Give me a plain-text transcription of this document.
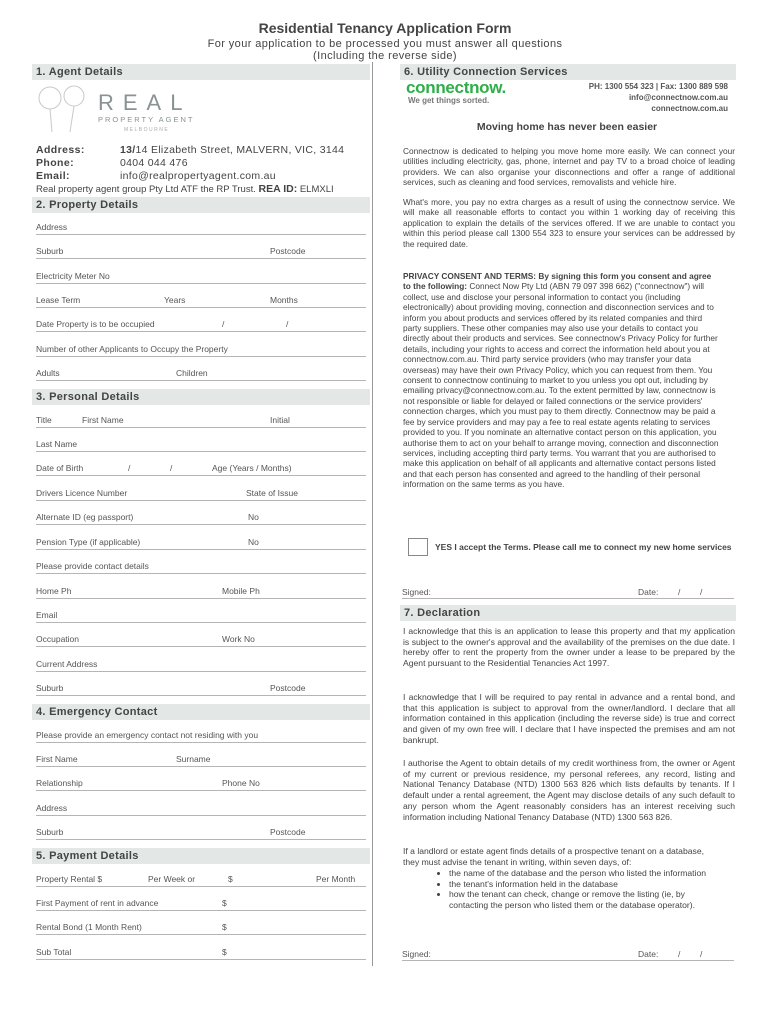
Residential Tenancy Application Form
For your application to be processed you must answer all questions
(Including the reverse side)
1. Agent Details
REAL
PROPERTY AGENT
MELBOURNE
Address:	13/14 Elizabeth Street, MALVERN, VIC, 3144
Phone:	0404 044 476
Email:	info@realpropertyagent.com.au
Real property agent group Pty Ltd ATF the RP Trust. REA ID: ELMXLI
2. Property Details
Address
Suburb	Postcode
Electricity Meter No
Lease Term	Years	Months
Date Property is to be occupied	/	/
Number of other Applicants to Occupy the Property
Adults	Children
3. Personal Details
Title	First Name	Initial
Last Name
Date of Birth	/	/	Age (Years / Months)
Drivers Licence Number	State of Issue
Alternate ID (eg passport)	No
Pension Type (if applicable)	No
Please provide contact details
Home Ph	Mobile Ph
Email
Occupation	Work No
Current Address
Suburb	Postcode
4. Emergency Contact
Please provide an emergency contact not residing with you
First Name	Surname
Relationship	Phone No
Address
Suburb	Postcode
5. Payment Details
Property Rental $	Per Week or	$	Per Month
First Payment of rent in advance	$
Rental Bond (1 Month Rent)	$
Sub Total	$
6. Utility Connection Services
connectnow.
We get things sorted.
PH: 1300 554 323 | Fax: 1300 889 598
info@connectnow.com.au
connectnow.com.au
Moving home has never been easier
Connectnow is dedicated to helping you move home more easily. We can connect your utilities including electricity, gas, phone, internet and pay TV to a broad choice of leading providers. We can also organise your disconnections and offer a range of additional services, such as cleaning and food services, removalists and vehicle hire.
What's more, you pay no extra charges as a result of using the connectnow service. We will make all reasonable efforts to contact you within 1 working day of receiving this application to explain the details of the services offered. If we are unable to contact you within this period please call 1300 554 323 to ensure your services can be addressed by the required date.
PRIVACY CONSENT AND TERMS: By signing this form you consent and agree to the following: Connect Now Pty Ltd (ABN 79 097 398 662) ("connectnow") will collect, use and disclose your personal information to contact you (including electronically) about providing moving, connection and disconnection services and to inform you about products and services offered by its related companies and third party suppliers. These other companies may also use your details to contact you directly about their products and services. See connectnow's Privacy Policy for further details, including your rights to access and correct the information held about you at connectnow.com.au. Third party service providers (who may transfer your data overseas) may have their own Privacy Policy, which you can request from them. You consent to connectnow continuing to market to you unless you opt out, including by emailing privacy@connectnow.com.au. To the extent permitted by law, connectnow is not responsible or liable for delayed or failed connections or the service providers' connection charges, which you must pay to them directly. Connectnow may be paid a fee by service providers and may pay a fee to real estate agents relating to services provided to you. If you nominate an alternative contact person on this application, you authorise them to act on your behalf to arrange moving, connection and disconnection services, including accepting third party terms. You warrant that you are authorised to make this application on behalf of all applicants and alternative contact persons listed and that each person has consented and agreed to the handling of their personal information on the same terms as you have.
YES I accept the Terms. Please call me to connect my new home services
Signed:	Date: / /
7. Declaration
I acknowledge that this is an application to lease this property and that my application is subject to the owner's approval and the availability of the premises on the due date. I hereby offer to rent the property from the owner under a lease to be prepared by the Agent pursuant to the Residential Tenancies Act 1997.
I acknowledge that I will be required to pay rental in advance and a rental bond, and that this application is subject to approval from the owner/landlord. I declare that all information contained in this application (including the reverse side) is true and correct and given of my own free will. I declare that I have inspected the premises and am not bankrupt.
I authorise the Agent to obtain details of my credit worthiness from, the owner or Agent of my current or previous residence, my personal referees, any record, listing and National Tenancy Database (NTD) 1300 563 826 which lists defaults by tenants. If I default under a rental agreement, the Agent may disclose details of any such default to any person whom the Agent reasonably considers has an interest receiving such information including National Tenancy Database (NTD) 1300 563 826.
If a landlord or estate agent finds details of a prospective tenant on a database, they must advise the tenant in writing, within seven days, of:
• the name of the database and the person who listed the information
• the tenant's information held in the database
• how the tenant can check, change or remove the listing (ie, by contacting the person who listed them or the database operator).
Signed:	Date: / /
